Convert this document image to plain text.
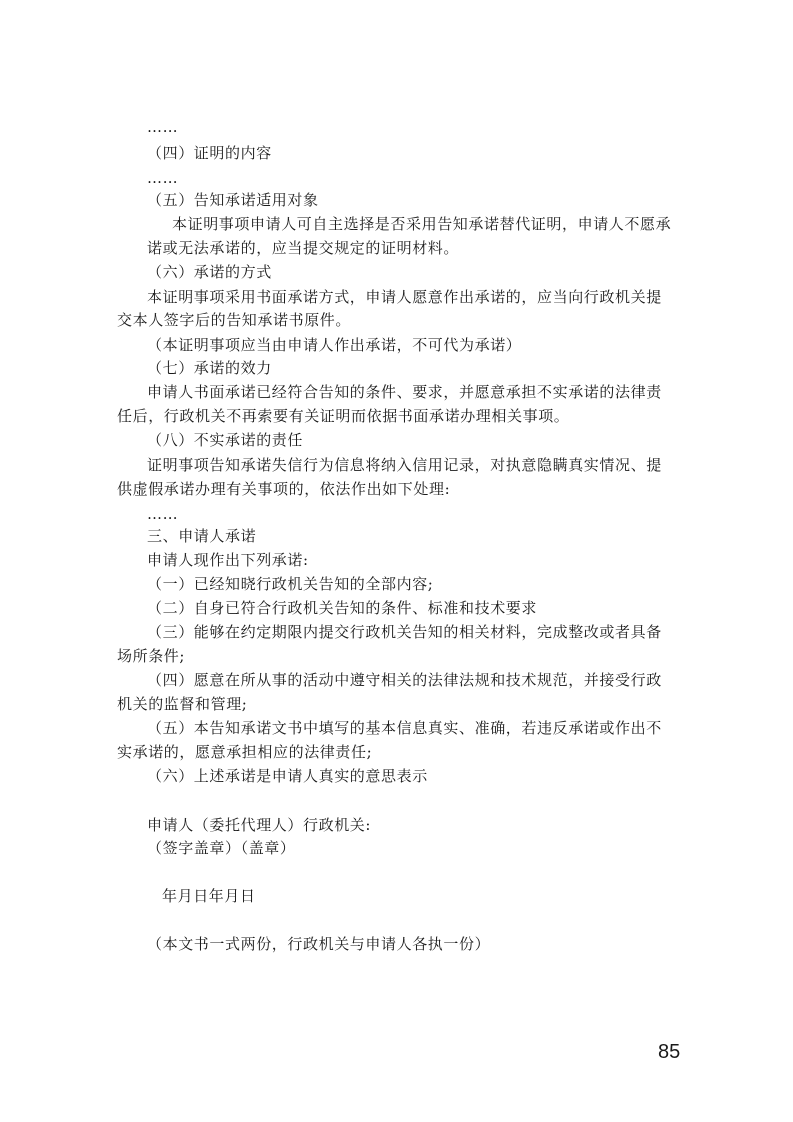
……
（四）证明的内容
……
（五）告知承诺适用对象
本证明事项申请人可自主选择是否采用告知承诺替代证明，申请人不愿承
诺或无法承诺的，应当提交规定的证明材料。
（六）承诺的方式
本证明事项采用书面承诺方式，申请人愿意作出承诺的，应当向行政机关提
交本人签字后的告知承诺书原件。
（本证明事项应当由申请人作出承诺，不可代为承诺）
（七）承诺的效力
申请人书面承诺已经符合告知的条件、要求，并愿意承担不实承诺的法律责
任后，行政机关不再索要有关证明而依据书面承诺办理相关事项。
（八）不实承诺的责任
证明事项告知承诺失信行为信息将纳入信用记录，对执意隐瞒真实情况、提
供虚假承诺办理有关事项的，依法作出如下处理:
……
三、申请人承诺
申请人现作出下列承诺:
（一）已经知晓行政机关告知的全部内容;
（二）自身已符合行政机关告知的条件、标准和技术要求
（三）能够在约定期限内提交行政机关告知的相关材料，完成整改或者具备
场所条件;
（四）愿意在所从事的活动中遵守相关的法律法规和技术规范，并接受行政
机关的监督和管理;
（五）本告知承诺文书中填写的基本信息真实、准确，若违反承诺或作出不
实承诺的，愿意承担相应的法律责任;
（六）上述承诺是申请人真实的意思表示
申请人（委托代理人）行政机关:
（签字盖章）（盖章）
年月日年月日
（本文书一式两份，行政机关与申请人各执一份）
85
